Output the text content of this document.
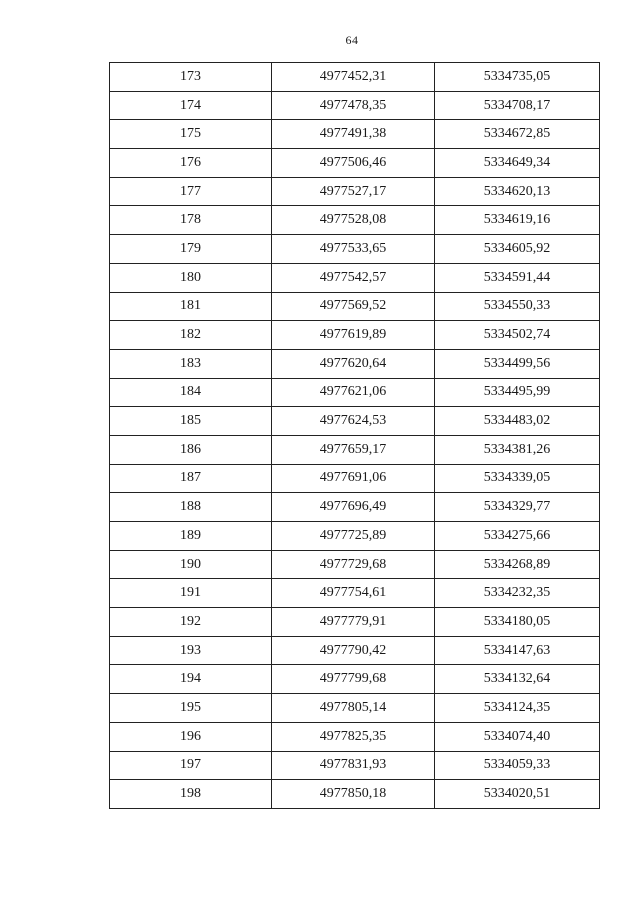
64
173	4977452,31	5334735,05
174	4977478,35	5334708,17
175	4977491,38	5334672,85
176	4977506,46	5334649,34
177	4977527,17	5334620,13
178	4977528,08	5334619,16
179	4977533,65	5334605,92
180	4977542,57	5334591,44
181	4977569,52	5334550,33
182	4977619,89	5334502,74
183	4977620,64	5334499,56
184	4977621,06	5334495,99
185	4977624,53	5334483,02
186	4977659,17	5334381,26
187	4977691,06	5334339,05
188	4977696,49	5334329,77
189	4977725,89	5334275,66
190	4977729,68	5334268,89
191	4977754,61	5334232,35
192	4977779,91	5334180,05
193	4977790,42	5334147,63
194	4977799,68	5334132,64
195	4977805,14	5334124,35
196	4977825,35	5334074,40
197	4977831,93	5334059,33
198	4977850,18	5334020,51
